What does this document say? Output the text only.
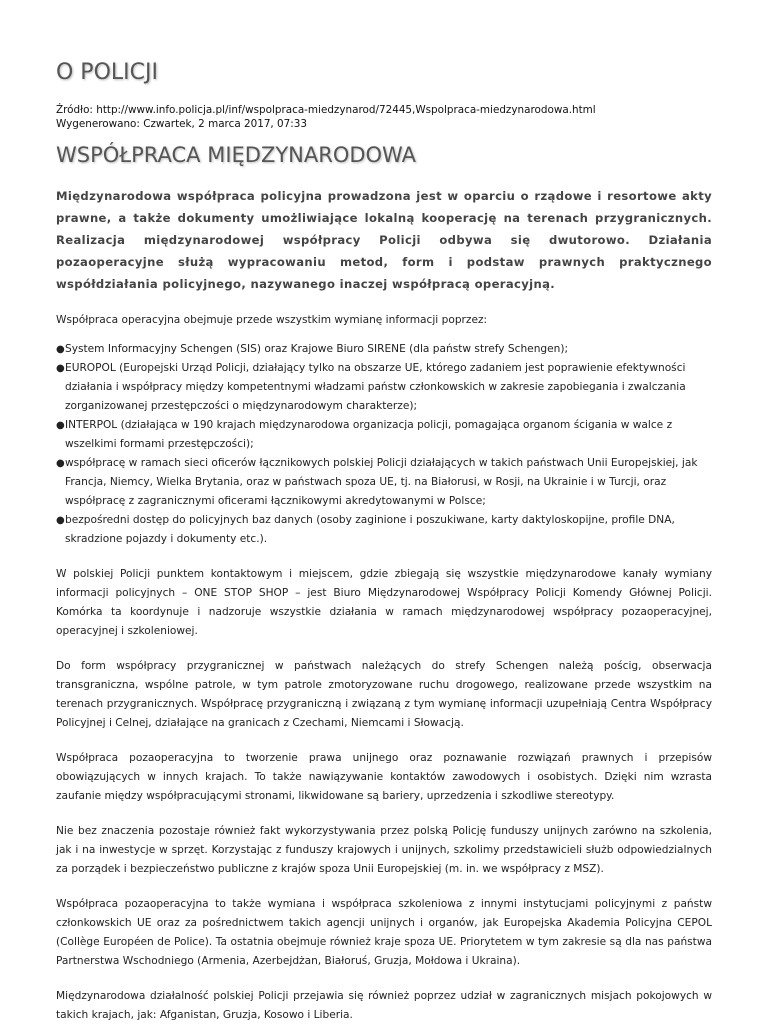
O POLICJI
Źródło: http://www.info.policja.pl/inf/wspolpraca-miedzynarod/72445,Wspolpraca-miedzynarodowa.html
Wygenerowano: Czwartek, 2 marca 2017, 07:33
WSPÓŁPRACA MIĘDZYNARODOWA

Międzynarodowa współpraca policyjna prowadzona jest w oparciu o rządowe i resortowe akty prawne, a także dokumenty umożliwiające lokalną kooperację na terenach przygranicznych. Realizacja międzynarodowej współpracy Policji odbywa się dwutorowo. Działania pozaoperacyjne służą wypracowaniu metod, form i podstaw prawnych praktycznego współdziałania policyjnego, nazywanego inaczej współpracą operacyjną.

Współpraca operacyjna obejmuje przede wszystkim wymianę informacji poprzez:

● System Informacyjny Schengen (SIS) oraz Krajowe Biuro SIRENE (dla państw strefy Schengen);
● EUROPOL (Europejski Urząd Policji, działający tylko na obszarze UE, którego zadaniem jest poprawienie efektywności działania i współpracy między kompetentnymi władzami państw członkowskich w zakresie zapobiegania i zwalczania zorganizowanej przestępczości o międzynarodowym charakterze);
● INTERPOL (działająca w 190 krajach międzynarodowa organizacja policji, pomagająca organom ścigania w walce z wszelkimi formami przestępczości);
● współpracę w ramach sieci oficerów łącznikowych polskiej Policji działających w takich państwach Unii Europejskiej, jak Francja, Niemcy, Wielka Brytania, oraz w państwach spoza UE, tj. na Białorusi, w Rosji, na Ukrainie i w Turcji, oraz współpracę z zagranicznymi oficerami łącznikowymi akredytowanymi w Polsce;
● bezpośredni dostęp do policyjnych baz danych (osoby zaginione i poszukiwane, karty daktyloskopijne, profile DNA, skradzione pojazdy i dokumenty etc.).

W polskiej Policji punktem kontaktowym i miejscem, gdzie zbiegają się wszystkie międzynarodowe kanały wymiany informacji policyjnych – ONE STOP SHOP – jest Biuro Międzynarodowej Współpracy Policji Komendy Głównej Policji. Komórka ta koordynuje i nadzoruje wszystkie działania w ramach międzynarodowej współpracy pozaoperacyjnej, operacyjnej i szkoleniowej.

Do form współpracy przygranicznej w państwach należących do strefy Schengen należą pościg, obserwacja transgraniczna, wspólne patrole, w tym patrole zmotoryzowane ruchu drogowego, realizowane przede wszystkim na terenach przygranicznych. Współpracę przygraniczną i związaną z tym wymianę informacji uzupełniają Centra Współpracy Policyjnej i Celnej, działające na granicach z Czechami, Niemcami i Słowacją.

Współpraca pozaoperacyjna to tworzenie prawa unijnego oraz poznawanie rozwiązań prawnych i przepisów obowiązujących w innych krajach. To także nawiązywanie kontaktów zawodowych i osobistych. Dzięki nim wzrasta zaufanie między współpracującymi stronami, likwidowane są bariery, uprzedzenia i szkodliwe stereotypy.

Nie bez znaczenia pozostaje również fakt wykorzystywania przez polską Policję funduszy unijnych zarówno na szkolenia, jak i na inwestycje w sprzęt. Korzystając z funduszy krajowych i unijnych, szkolimy przedstawicieli służb odpowiedzialnych za porządek i bezpieczeństwo publiczne z krajów spoza Unii Europejskiej (m. in. we współpracy z MSZ).

Współpraca pozaoperacyjna to także wymiana i współpraca szkoleniowa z innymi instytucjami policyjnymi z państw członkowskich UE oraz za pośrednictwem takich agencji unijnych i organów, jak Europejska Akademia Policyjna CEPOL (Collège Européen de Police). Ta ostatnia obejmuje również kraje spoza UE. Priorytetem w tym zakresie są dla nas państwa Partnerstwa Wschodniego (Armenia, Azerbejdżan, Białoruś, Gruzja, Mołdowa i Ukraina).

Międzynarodowa działalność polskiej Policji przejawia się również poprzez udział w zagranicznych misjach pokojowych w takich krajach, jak: Afganistan, Gruzja, Kosowo i Liberia.
